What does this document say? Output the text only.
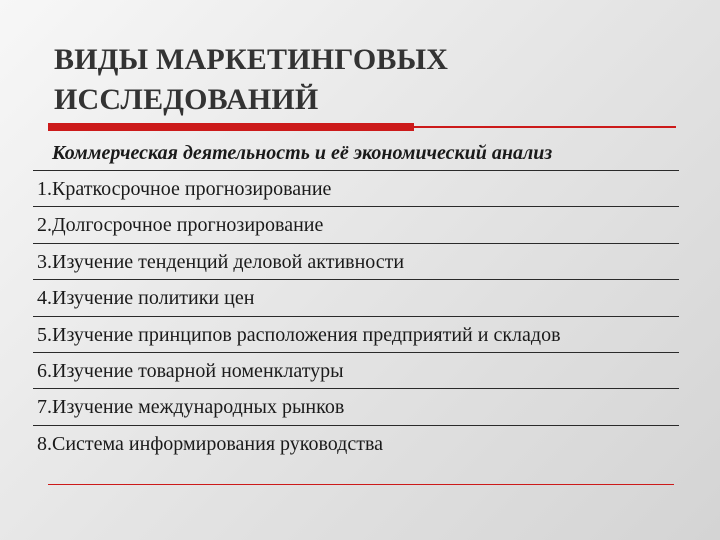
ВИДЫ МАРКЕТИНГОВЫХ
ИССЛЕДОВАНИЙ
Коммерческая деятельность и её экономический анализ
1.Краткосрочное прогнозирование
2.Долгосрочное прогнозирование
3.Изучение тенденций деловой активности
4.Изучение политики цен
5.Изучение принципов расположения предприятий и складов
6.Изучение товарной номенклатуры
7.Изучение международных рынков
8.Система информирования руководства
